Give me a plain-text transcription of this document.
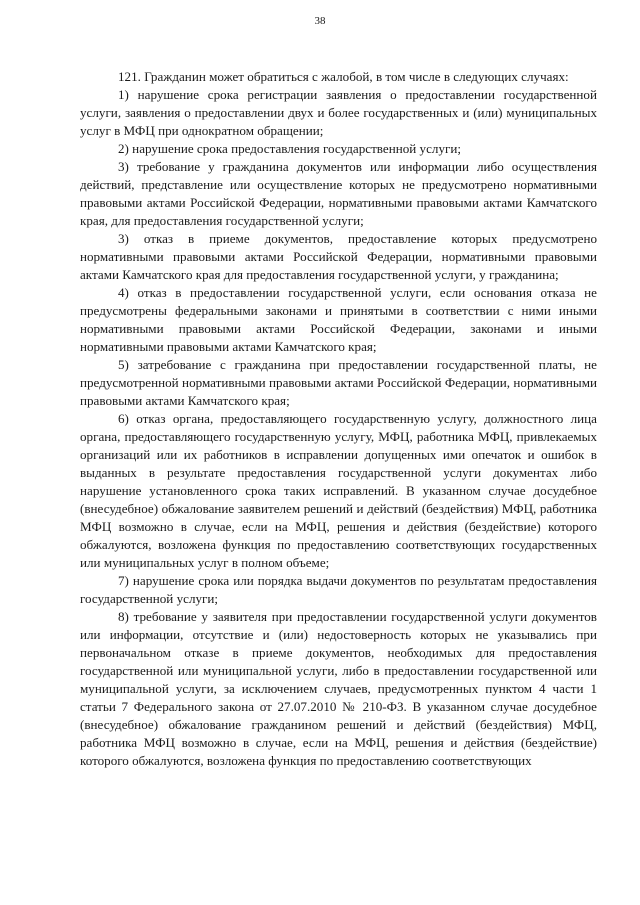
38

121. Гражданин может обратиться с жалобой, в том числе в следующих случаях:

1) нарушение срока регистрации заявления о предоставлении государственной услуги, заявления о предоставлении двух и более государственных и (или) муниципальных услуг в МФЦ при однократном обращении;

2) нарушение срока предоставления государственной услуги;

3) требование у гражданина документов или информации либо осуществления действий, представление или осуществление которых не предусмотрено нормативными правовыми актами Российской Федерации, нормативными правовыми актами Камчатского края, для предоставления государственной услуги;

3) отказ в приеме документов, предоставление которых предусмотрено нормативными правовыми актами Российской Федерации, нормативными правовыми актами Камчатского края для предоставления государственной услуги, у гражданина;

4) отказ в предоставлении государственной услуги, если основания отказа не предусмотрены федеральными законами и принятыми в соответствии с ними иными нормативными правовыми актами Российской Федерации, законами и иными нормативными правовыми актами Камчатского края;

5) затребование с гражданина при предоставлении государственной платы, не предусмотренной нормативными правовыми актами Российской Федерации, нормативными правовыми актами Камчатского края;

6) отказ органа, предоставляющего государственную услугу, должностного лица органа, предоставляющего государственную услугу, МФЦ, работника МФЦ, привлекаемых организаций или их работников в исправлении допущенных ими опечаток и ошибок в выданных в результате предоставления государственной услуги документах либо нарушение установленного срока таких исправлений. В указанном случае досудебное (внесудебное) обжалование заявителем решений и действий (бездействия) МФЦ, работника МФЦ возможно в случае, если на МФЦ, решения и действия (бездействие) которого обжалуются, возложена функция по предоставлению соответствующих государственных или муниципальных услуг в полном объеме;

7) нарушение срока или порядка выдачи документов по результатам предоставления государственной услуги;

8) требование у заявителя при предоставлении государственной услуги документов или информации, отсутствие и (или) недостоверность которых не указывались при первоначальном отказе в приеме документов, необходимых для предоставления государственной или муниципальной услуги, либо в предоставлении государственной или муниципальной услуги, за исключением случаев, предусмотренных пунктом 4 части 1 статьи 7 Федерального закона от 27.07.2010 № 210-ФЗ. В указанном случае досудебное (внесудебное) обжалование гражданином решений и действий (бездействия) МФЦ, работника МФЦ возможно в случае, если на МФЦ, решения и действия (бездействие) которого обжалуются, возложена функция по предоставлению соответствующих
